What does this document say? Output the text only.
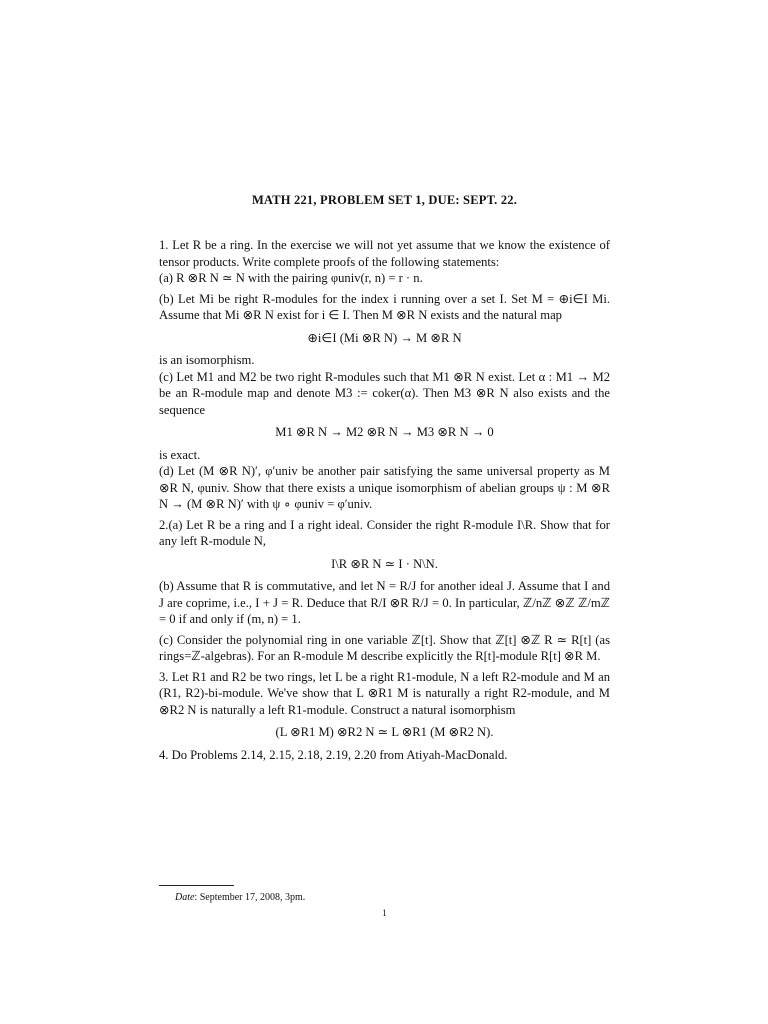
MATH 221, PROBLEM SET 1, DUE: SEPT. 22.

1. Let R be a ring. In the exercise we will not yet assume that we know the existence of tensor products. Write complete proofs of the following statements:

(a) R ⊗R N ≃ N with the pairing φuniv(r, n) = r · n.

(b) Let Mi be right R-modules for the index i running over a set I. Set M = ⊕i∈I Mi. Assume that Mi ⊗R N exist for i ∈ I. Then M ⊗R N exists and the natural map

⊕i∈I (Mi ⊗R N) → M ⊗R N

is an isomorphism.

(c) Let M1 and M2 be two right R-modules such that M1 ⊗R N exist. Let α : M1 → M2 be an R-module map and denote M3 := coker(α). Then M3 ⊗R N also exists and the sequence

M1 ⊗R N → M2 ⊗R N → M3 ⊗R N → 0

is exact.

(d) Let (M ⊗R N)′, φ′univ be another pair satisfying the same universal property as M ⊗R N, φuniv. Show that there exists a unique isomorphism of abelian groups ψ : M ⊗R N → (M ⊗R N)′ with ψ ∘ φuniv = φ′univ.

2.(a) Let R be a ring and I a right ideal. Consider the right R-module I\R. Show that for any left R-module N,

I\R ⊗R N ≃ I · N\N.

(b) Assume that R is commutative, and let N = R/J for another ideal J. Assume that I and J are coprime, i.e., I + J = R. Deduce that R/I ⊗R R/J = 0. In particular, ℤ/nℤ ⊗ℤ ℤ/mℤ = 0 if and only if (m, n) = 1.

(c) Consider the polynomial ring in one variable ℤ[t]. Show that ℤ[t] ⊗ℤ R ≃ R[t] (as rings=ℤ-algebras). For an R-module M describe explicitly the R[t]-module R[t] ⊗R M.

3. Let R1 and R2 be two rings, let L be a right R1-module, N a left R2-module and M an (R1, R2)-bi-module. We've show that L ⊗R1 M is naturally a right R2-module, and M ⊗R2 N is naturally a left R1-module. Construct a natural isomorphism

(L ⊗R1 M) ⊗R2 N ≃ L ⊗R1 (M ⊗R2 N).

4. Do Problems 2.14, 2.15, 2.18, 2.19, 2.20 from Atiyah-MacDonald.

Date: September 17, 2008, 3pm.
1
